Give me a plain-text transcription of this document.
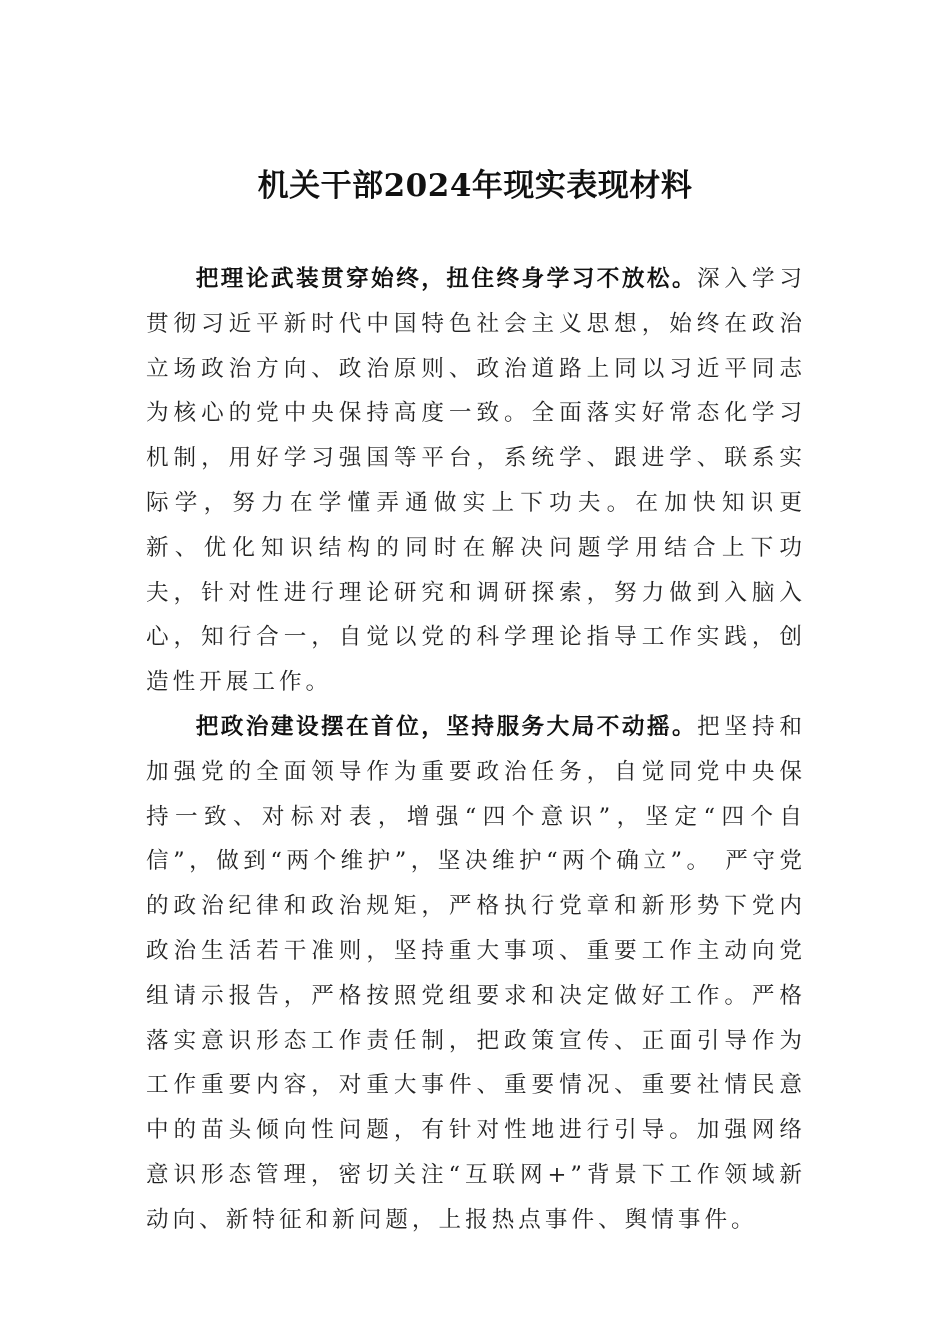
机关干部2024年现实表现材料

把理论武装贯穿始终，扭住终身学习不放松。深入学习贯彻习近平新时代中国特色社会主义思想，始终在政治立场政治方向、政治原则、政治道路上同以习近平同志为核心的党中央保持高度一致。全面落实好常态化学习机制，用好学习强国等平台，系统学、跟进学、联系实际学，努力在学懂弄通做实上下功夫。在加快知识更新、优化知识结构的同时在解决问题学用结合上下功夫，针对性进行理论研究和调研探索，努力做到入脑入心，知行合一，自觉以党的科学理论指导工作实践，创造性开展工作。

把政治建设摆在首位，坚持服务大局不动摇。把坚持和加强党的全面领导作为重要政治任务，自觉同党中央保持一致、对标对表，增强“四个意识”，坚定“四个自信”，做到“两个维护”，坚决维护“两个确立”。 严守党的政治纪律和政治规矩，严格执行党章和新形势下党内政治生活若干准则，坚持重大事项、重要工作主动向党组请示报告，严格按照党组要求和决定做好工作。严格落实意识形态工作责任制，把政策宣传、正面引导作为工作重要内容，对重大事件、重要情况、重要社情民意中的苗头倾向性问题，有针对性地进行引导。加强网络意识形态管理，密切关注“互联网+”背景下工作领域新动向、新特征和新问题，上报热点事件、舆情事件。
